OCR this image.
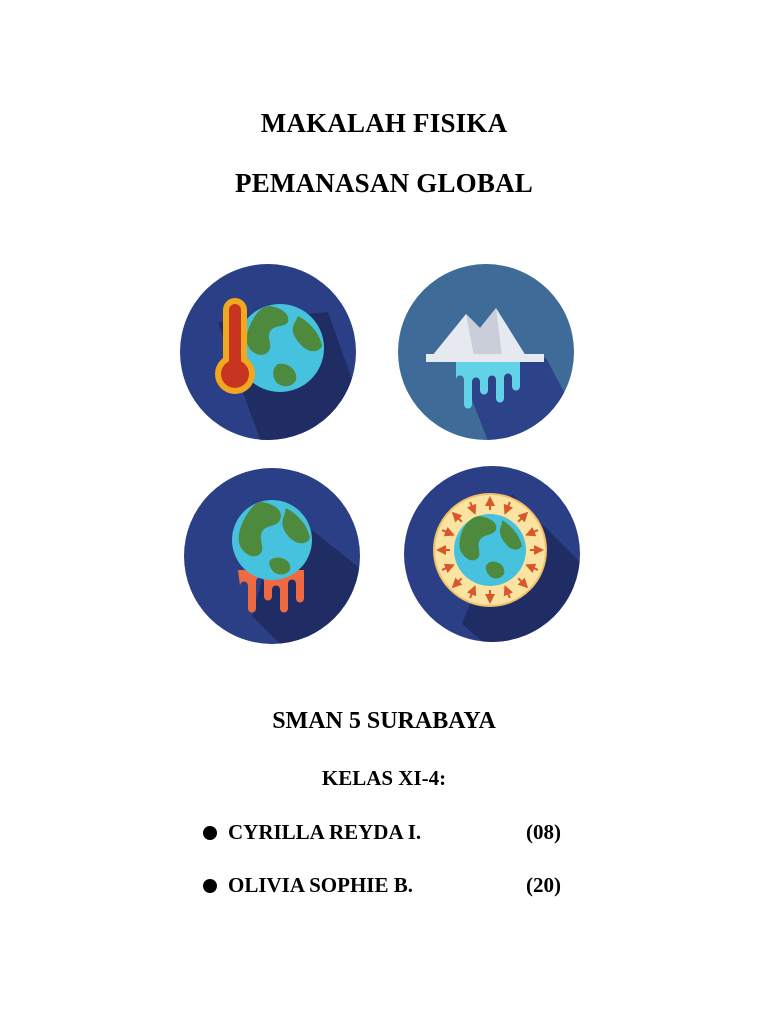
MAKALAH FISIKA
PEMANASAN GLOBAL
SMAN 5 SURABAYA
KELAS XI-4:
CYRILLA REYDA I.	(08)
OLIVIA SOPHIE B.	(20)
